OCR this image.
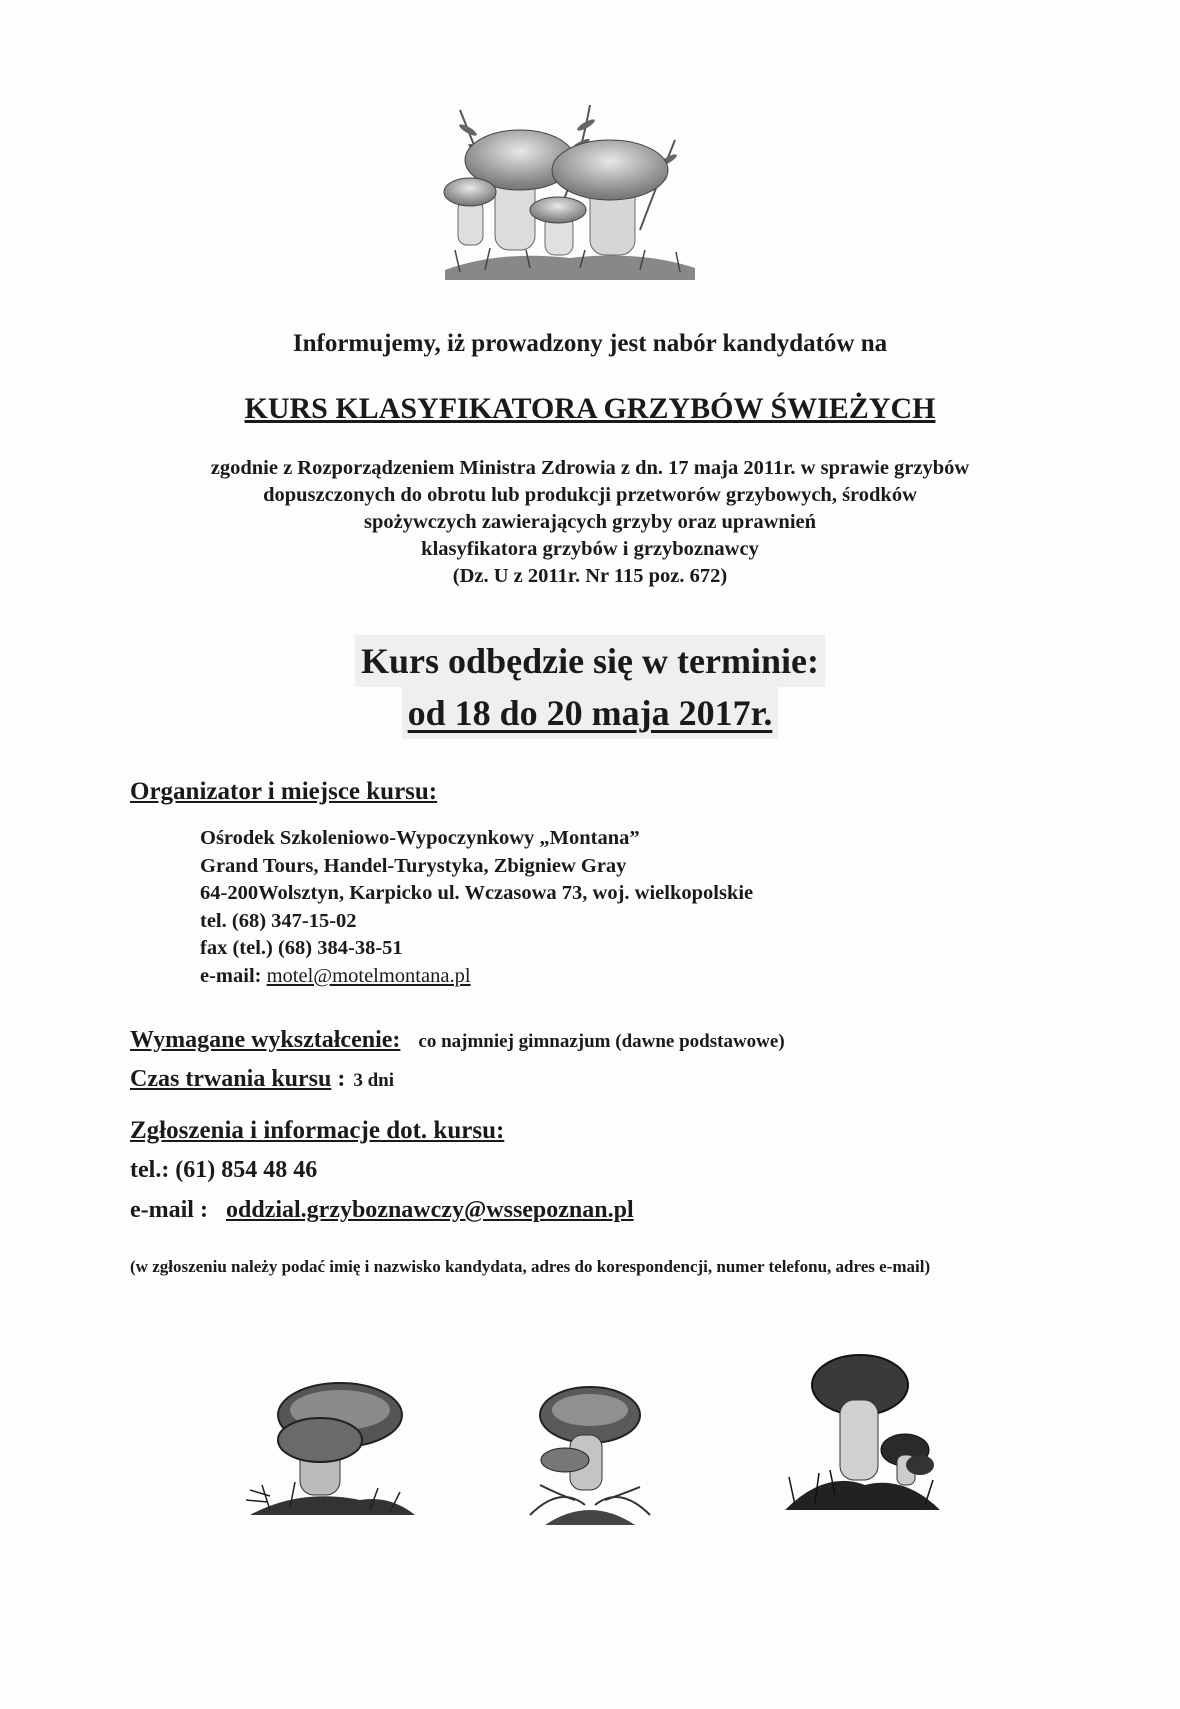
Informujemy, iż prowadzony jest nabór kandydatów na
KURS KLASYFIKATORA GRZYBÓW ŚWIEŻYCH
zgodnie z Rozporządzeniem Ministra Zdrowia z dn. 17 maja 2011r. w sprawie grzybów
dopuszczonych do obrotu lub produkcji przetworów grzybowych, środków
spożywczych zawierających grzyby oraz uprawnień
klasyfikatora grzybów i grzyboznawcy
(Dz. U z 2011r. Nr 115 poz. 672)
Kurs odbędzie się w terminie:
od 18 do 20 maja 2017r.
Organizator i miejsce kursu:
Ośrodek Szkoleniowo-Wypoczynkowy „Montana”
Grand Tours, Handel-Turystyka, Zbigniew Gray
64-200Wolsztyn, Karpicko ul. Wczasowa 73, woj. wielkopolskie
tel. (68) 347-15-02
fax (tel.) (68) 384-38-51
e-mail: motel@motelmontana.pl
Wymagane wykształcenie: co najmniej gimnazjum (dawne podstawowe)
Czas trwania kursu : 3 dni
Zgłoszenia i informacje dot. kursu:
tel.: (61) 854 48 46
e-mail : oddzial.grzyboznawczy@wssepoznan.pl
(w zgłoszeniu należy podać imię i nazwisko kandydata, adres do korespondencji, numer telefonu, adres e-mail)
